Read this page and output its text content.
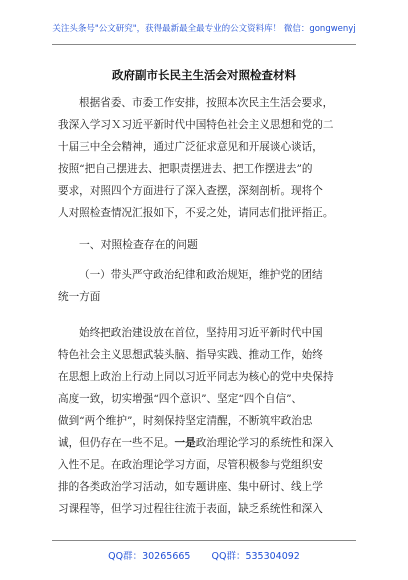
关注头条号"公文研究"，获得最新最全最专业的公文资料库！ 微信：gongwenyj
政府副市长民主生活会对照检查材料
根据省委、市委工作安排，按照本次民主生活会要求，
我深入学习Ｘ习近平新时代中国特色社会主义思想和党的二
十届三中全会精神，通过广泛征求意见和开展谈心谈话，
按照“把自己摆进去、把职责摆进去、把工作摆进去”的
要求，对照四个方面进行了深入查摆，深刻剖析。现将个
人对照检查情况汇报如下，不妥之处，请同志们批评指正。
一、对照检查存在的问题
（一）带头严守政治纪律和政治规矩，维护党的团结
统一方面
始终把政治建设放在首位，坚持用习近平新时代中国
特色社会主义思想武装头脑、指导实践、推动工作，始终
在思想上政治上行动上同以习近平同志为核心的党中央保持
高度一致，切实增强“四个意识”、坚定“四个自信”、
做到“两个维护”，时刻保持坚定清醒，不断筑牢政治忠
诚，但仍存在一些不足。一是政治理论学习的系统性和深入
入性不足。在政治理论学习方面，尽管积极参与党组织安
排的各类政治学习活动，如专题讲座、集中研讨、线上学
习课程等，但学习过程往往流于表面，缺乏系统性和深入
QQ群：30265665 QQ群：535304092
